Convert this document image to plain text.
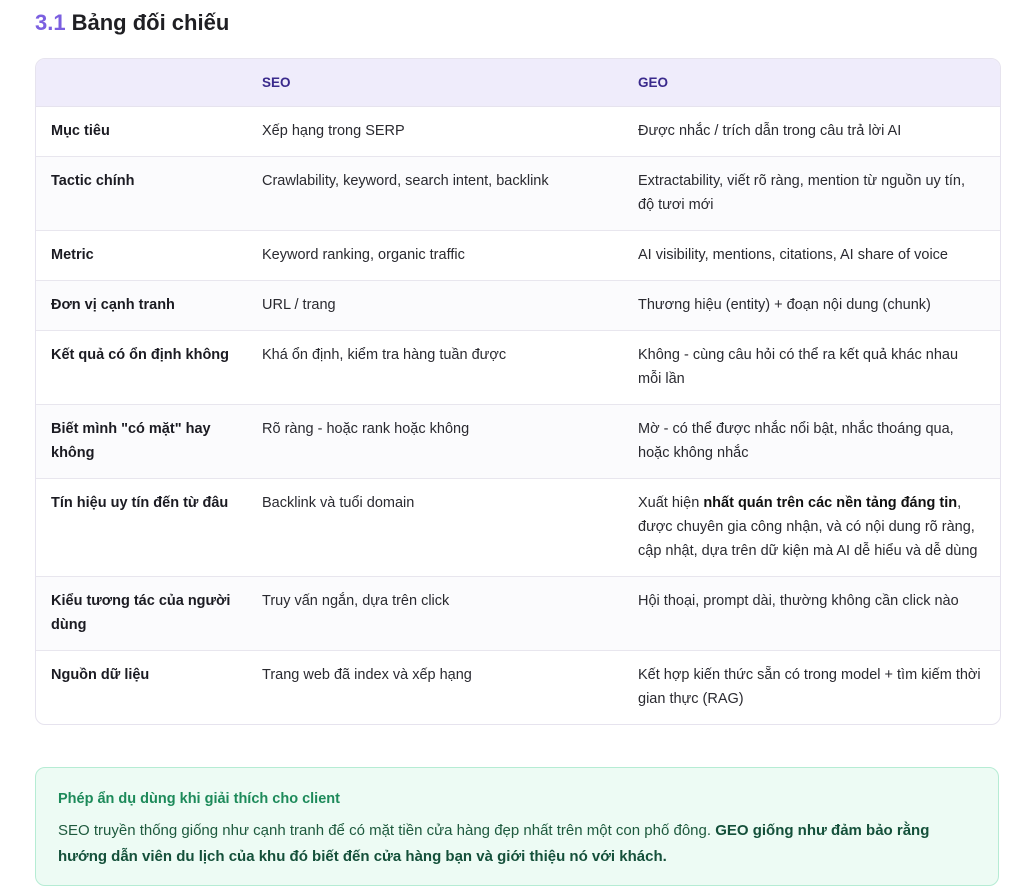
3.1 Bảng đối chiếu
	SEO	GEO
Mục tiêu	Xếp hạng trong SERP	Được nhắc / trích dẫn trong câu trả lời AI
Tactic chính	Crawlability, keyword, search intent, backlink	Extractability, viết rõ ràng, mention từ nguồn uy tín, độ tươi mới
Metric	Keyword ranking, organic traffic	AI visibility, mentions, citations, AI share of voice
Đơn vị cạnh tranh	URL / trang	Thương hiệu (entity) + đoạn nội dung (chunk)
Kết quả có ổn định không	Khá ổn định, kiểm tra hàng tuần được	Không - cùng câu hỏi có thể ra kết quả khác nhau mỗi lần
Biết mình "có mặt" hay không	Rõ ràng - hoặc rank hoặc không	Mờ - có thể được nhắc nổi bật, nhắc thoáng qua, hoặc không nhắc
Tín hiệu uy tín đến từ đâu	Backlink và tuổi domain	Xuất hiện nhất quán trên các nền tảng đáng tin, được chuyên gia công nhận, và có nội dung rõ ràng, cập nhật, dựa trên dữ kiện mà AI dễ hiểu và dễ dùng
Kiểu tương tác của người dùng	Truy vấn ngắn, dựa trên click	Hội thoại, prompt dài, thường không cần click nào
Nguồn dữ liệu	Trang web đã index và xếp hạng	Kết hợp kiến thức sẵn có trong model + tìm kiếm thời gian thực (RAG)

Phép ẩn dụ dùng khi giải thích cho client

SEO truyền thống giống như cạnh tranh để có mặt tiền cửa hàng đẹp nhất trên một con phố đông. GEO giống như đảm bảo rằng hướng dẫn viên du lịch của khu đó biết đến cửa hàng bạn và giới thiệu nó với khách.
